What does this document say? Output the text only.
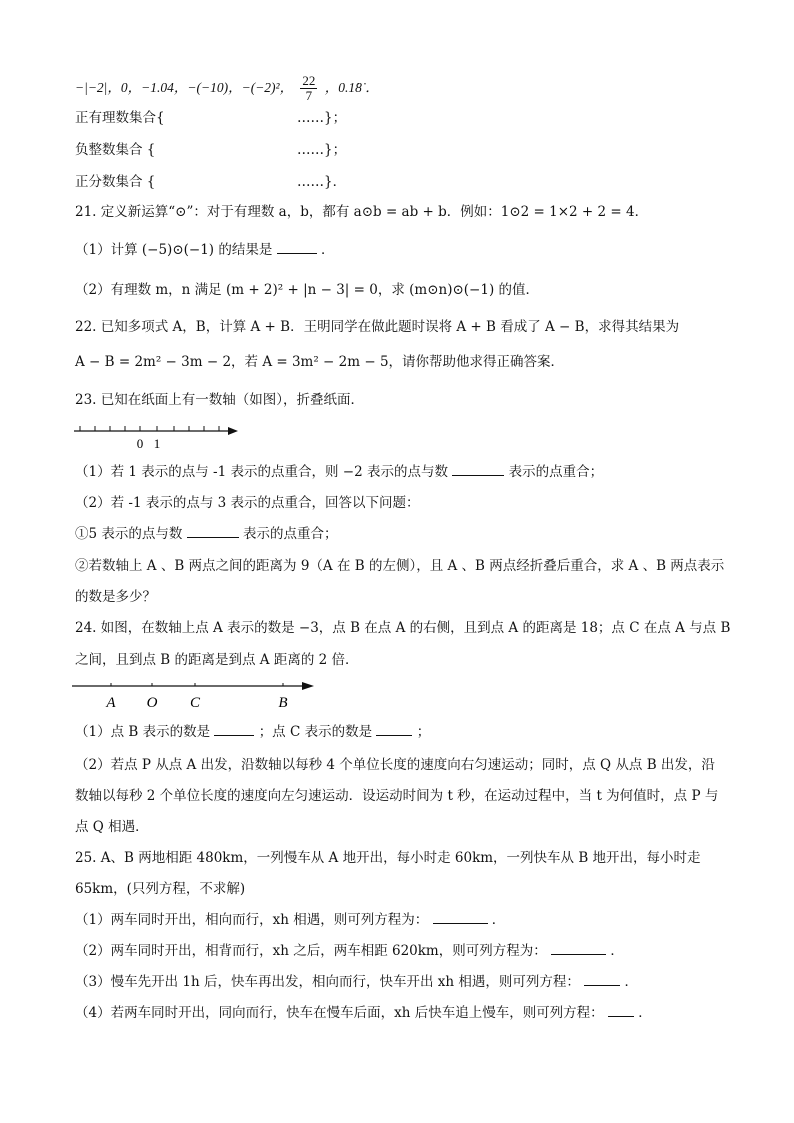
−|−2|，0，−1.04，−(−10)，−(−2)²， $\frac{22}{7}$ ，0.1̇8̇ ．
正有理数集合{	……}；
负整数集合 {	……}；
正分数集合 {	……}．
21. 定义新运算“⊙”：对于有理数 a，b，都有 a⊙b = ab + b．例如：1⊙2 = 1×2 + 2 = 4．
（1）计算 (−5)⊙(−1) 的结果是	．
（2）有理数 m，n 满足 (m + 2)² + |n − 3| = 0，求 (m⊙n)⊙(−1) 的值．
22. 已知多项式 A，B，计算 A + B．王明同学在做此题时误将 A + B 看成了 A − B，求得其结果为
A − B = 2m² − 3m − 2，若 A = 3m² − 2m − 5，请你帮助他求得正确答案．
23. 已知在纸面上有一数轴（如图），折叠纸面．
0 1
（1）若 1 表示的点与 -1 表示的点重合，则 −2 表示的点与数	表示的点重合；
（2）若 -1 表示的点与 3 表示的点重合，回答以下问题：
①5 表示的点与数	表示的点重合；
②若数轴上 A 、B 两点之间的距离为 9（A 在 B 的左侧），且 A 、B 两点经折叠后重合，求 A 、B 两点表示
的数是多少？
24. 如图，在数轴上点 A 表示的数是 −3，点 B 在点 A 的右侧，且到点 A 的距离是 18；点 C 在点 A 与点 B
之间，且到点 B 的距离是到点 A 距离的 2 倍．
A O C	B
（1）点 B 表示的数是	；点 C 表示的数是	；
（2）若点 P 从点 A 出发，沿数轴以每秒 4 个单位长度的速度向右匀速运动；同时，点 Q 从点 B 出发，沿
数轴以每秒 2 个单位长度的速度向左匀速运动．设运动时间为 t 秒，在运动过程中，当 t 为何值时，点 P 与
点 Q 相遇．
25. A、B 两地相距 480km，一列慢车从 A 地开出，每小时走 60km，一列快车从 B 地开出，每小时走
65km，(只列方程，不求解)
（1）两车同时开出，相向而行，xh 相遇，则可列方程为：	．
（2）两车同时开出，相背而行，xh 之后，两车相距 620km，则可列方程为：	．
（3）慢车先开出 1h 后，快车再出发，相向而行，快车开出 xh 相遇，则可列方程：	．
（4）若两车同时开出，同向而行，快车在慢车后面，xh 后快车追上慢车，则可列方程：	．
